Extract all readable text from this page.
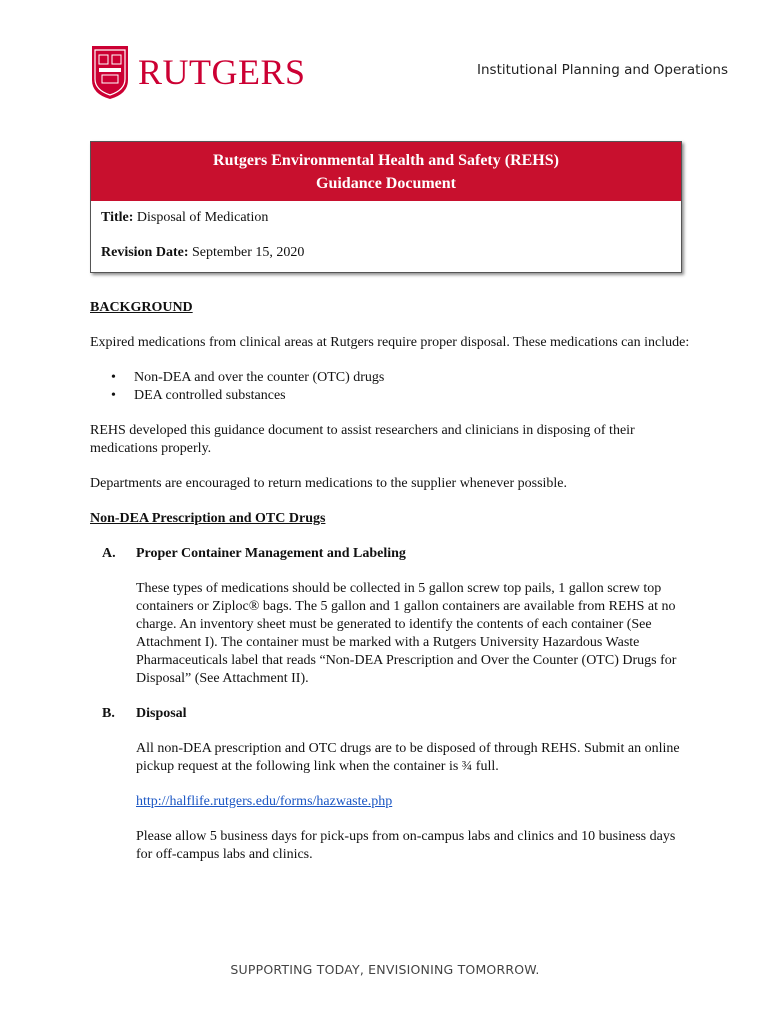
RUTGERS	Institutional Planning and Operations
Rutgers Environmental Health and Safety (REHS)
Guidance Document

Title: Disposal of Medication

Revision Date: September 15, 2020

BACKGROUND

Expired medications from clinical areas at Rutgers require proper disposal. These medications can include:

• Non-DEA and over the counter (OTC) drugs
• DEA controlled substances

REHS developed this guidance document to assist researchers and clinicians in disposing of their medications properly.

Departments are encouraged to return medications to the supplier whenever possible.

Non-DEA Prescription and OTC Drugs

A.	Proper Container Management and Labeling

These types of medications should be collected in 5 gallon screw top pails, 1 gallon screw top containers or Ziploc® bags. The 5 gallon and 1 gallon containers are available from REHS at no charge. An inventory sheet must be generated to identify the contents of each container (See Attachment I). The container must be marked with a Rutgers University Hazardous Waste Pharmaceuticals label that reads “Non-DEA Prescription and Over the Counter (OTC) Drugs for Disposal” (See Attachment II).

B.	Disposal

All non-DEA prescription and OTC drugs are to be disposed of through REHS. Submit an online pickup request at the following link when the container is ¾ full.

http://halflife.rutgers.edu/forms/hazwaste.php

Please allow 5 business days for pick-ups from on-campus labs and clinics and 10 business days for off-campus labs and clinics.

SUPPORTING TODAY, ENVISIONING TOMORROW.
